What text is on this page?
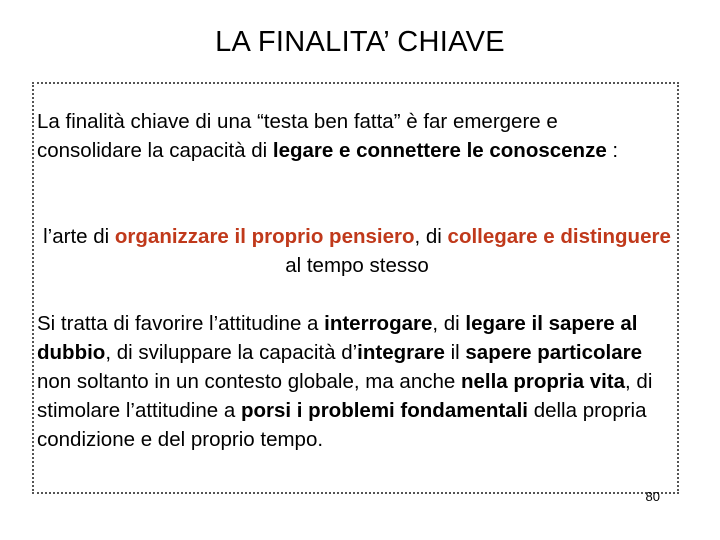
LA FINALITA’ CHIAVE

La finalità chiave di una “testa ben fatta” è far emergere e consolidare la capacità di legare e connettere le conoscenze :

l’arte di organizzare il proprio pensiero, di collegare e distinguere al tempo stesso

Si tratta di favorire l’attitudine a interrogare, di legare il sapere al dubbio, di sviluppare la capacità d’integrare il sapere particolare non soltanto in un contesto globale, ma anche nella propria vita, di stimolare l’attitudine a porsi i problemi fondamentali della propria condizione e del proprio tempo.

80
